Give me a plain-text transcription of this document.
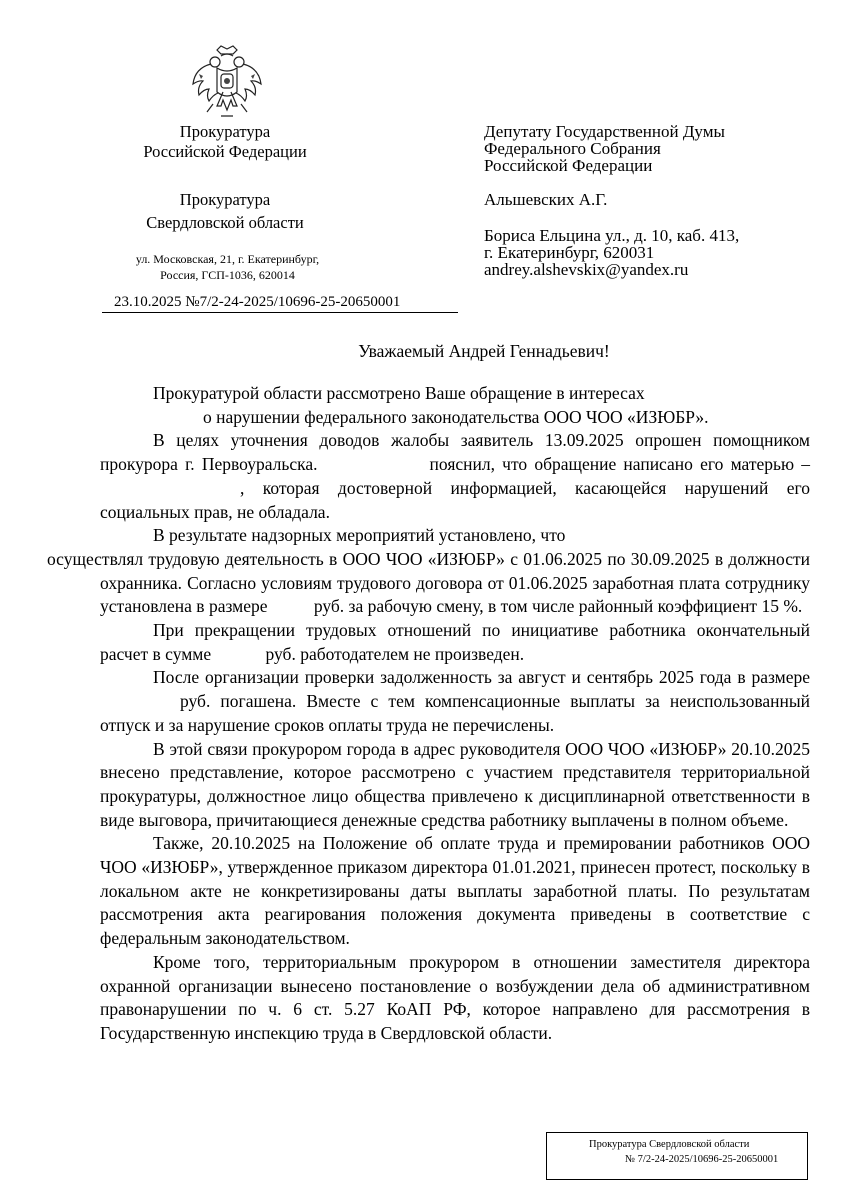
Прокуратура
Российской Федерации
Прокуратура
Свердловской области
ул. Московская, 21, г. Екатеринбург,
Россия, ГСП-1036, 620014
23.10.2025 №7/2-24-2025/10696-25-20650001
Депутату Государственной Думы
Федерального Собрания
Российской Федерации
Альшевских А.Г.
Бориса Ельцина ул., д. 10, каб. 413,
г. Екатеринбург, 620031
andrey.alshevskix@yandex.ru
Уважаемый Андрей Геннадьевич!

Прокуратурой области рассмотрено Ваше обращение в интересах
о нарушении федерального законодательства ООО ЧОО «ИЗЮБР».

В целях уточнения доводов жалобы заявитель 13.09.2025 опрошен помощником прокурора г. Первоуральска.	пояснил, что обращение написано его матерью – , которая достоверной информацией, касающейся нарушений его социальных прав, не обладала.

В результате надзорных мероприятий установлено, что
осуществлял трудовую деятельность в ООО ЧОО «ИЗЮБР» с 01.06.2025 по 30.09.2025 в должности охранника. Согласно условиям трудового договора от 01.06.2025 заработная плата сотруднику установлена в размере	руб. за рабочую смену, в том числе районный коэффициент 15 %.

При прекращении трудовых отношений по инициативе работника окончательный расчет в сумме	руб. работодателем не произведен.

После организации проверки задолженность за август и сентябрь 2025 года в размере руб. погашена. Вместе с тем компенсационные выплаты за неиспользованный отпуск и за нарушение сроков оплаты труда не перечислены.

В этой связи прокурором города в адрес руководителя ООО ЧОО «ИЗЮБР» 20.10.2025 внесено представление, которое рассмотрено с участием представителя территориальной прокуратуры, должностное лицо общества привлечено к дисциплинарной ответственности в виде выговора, причитающиеся денежные средства работнику выплачены в полном объеме.

Также, 20.10.2025 на Положение об оплате труда и премировании работников ООО ЧОО «ИЗЮБР», утвержденное приказом директора 01.01.2021, принесен протест, поскольку в локальном акте не конкретизированы даты выплаты заработной платы. По результатам рассмотрения акта реагирования положения документа приведены в соответствие с федеральным законодательством.

Кроме того, территориальным прокурором в отношении заместителя директора охранной организации вынесено постановление о возбуждении дела об административном правонарушении по ч. 6 ст. 5.27 КоАП РФ, которое направлено для рассмотрения в Государственную инспекцию труда в Свердловской области.

Прокуратура Свердловской области
№ 7/2-24-2025/10696-25-20650001
